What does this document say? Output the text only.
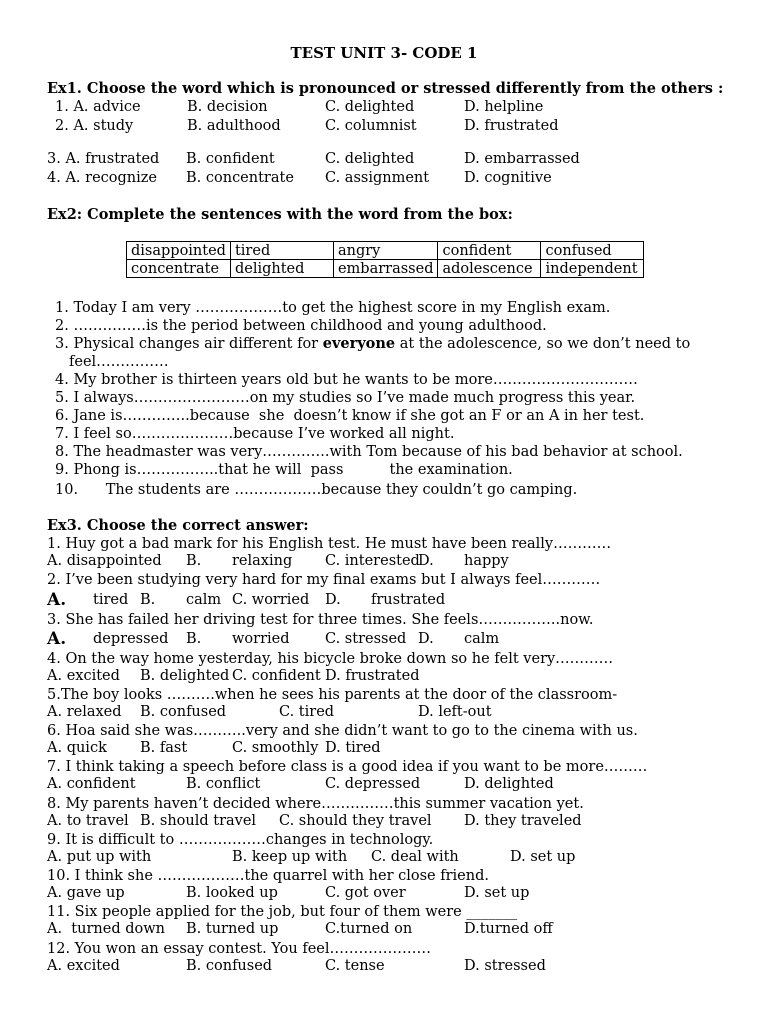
TEST UNIT 3- CODE 1
Ex1. Choose the word which is pronounced or stressed differently from the others :
1. A. advice	B. decision	C. delighted	D. helpline
2. A. study	B. adulthood	C. columnist	D. frustrated
3. A. frustrated B. confident	C. delighted	D. embarrassed
4. A. recognize B. concentrate C. assignment D. cognitive
Ex2: Complete the sentences with the word from the box:
disappointed	tired	angry	confident	confused
concentrate	delighted	embarrassed	adolescence	independent
1. Today I am very ………………to get the highest score in my English exam.
2. ……………is the period between childhood and young adulthood.
3. Physical changes air different for everyone at the adolescence, so we don’t need to
feel……………
4. My brother is thirteen years old but he wants to be more…………………………
5. I always……………………on my studies so I’ve made much progress this year.
6. Jane is…………..because  she  doesn’t know if she got an F or an A in her test.
7. I feel so…………………because I’ve worked all night.
8. The headmaster was very…………..with Tom because of his bad behavior at school.
9. Phong is……………..that he will  pass          the examination.
10.      The students are ………………because they couldn’t go camping.
Ex3. Choose the correct answer:
1. Huy got a bad mark for his English test. He must have been really…………
A. disappointed B. relaxing C. interested
D. happy
2. I’ve been studying very hard for my final exams but I always feel…………
A. tired B. calm C. worried D. frustrated
3. She has failed her driving test for three times. She feels……………..now.
A. depressed B. worried C. stressed D. calm
4. On the way home yesterday, his bicycle broke down so he felt very…………
A. excited B. delighted C. confident D. frustrated
5.The boy looks ……….when he sees his parents at the door of the classroom-
A. relaxed B. confused	C. tired	D. left-out
6. Hoa said she was………..very and she didn’t want to go to the cinema with us.
A. quick B. fast	C. smoothly D. tired
7. I think taking a speech before class is a good idea if you want to be more………
A. confident	B. conflict	C. depressed	D. delighted
8. My parents haven’t decided where……………this summer vacation yet.
A. to travel B. should travel C. should they travel D. they traveled
9. It is difficult to ………………changes in technology.
A. put up with	B. keep up with C. deal with	D. set up
10. I think she ………………the quarrel with her close friend.
A. gave up	B. looked up	C. got over	D. set up
11. Six people applied for the job, but four of them were _______
A.  turned down B. turned up	C.turned on	D.turned off
12. You won an essay contest. You feel…………………
A. excited	B. confused	C. tense	D. stressed
